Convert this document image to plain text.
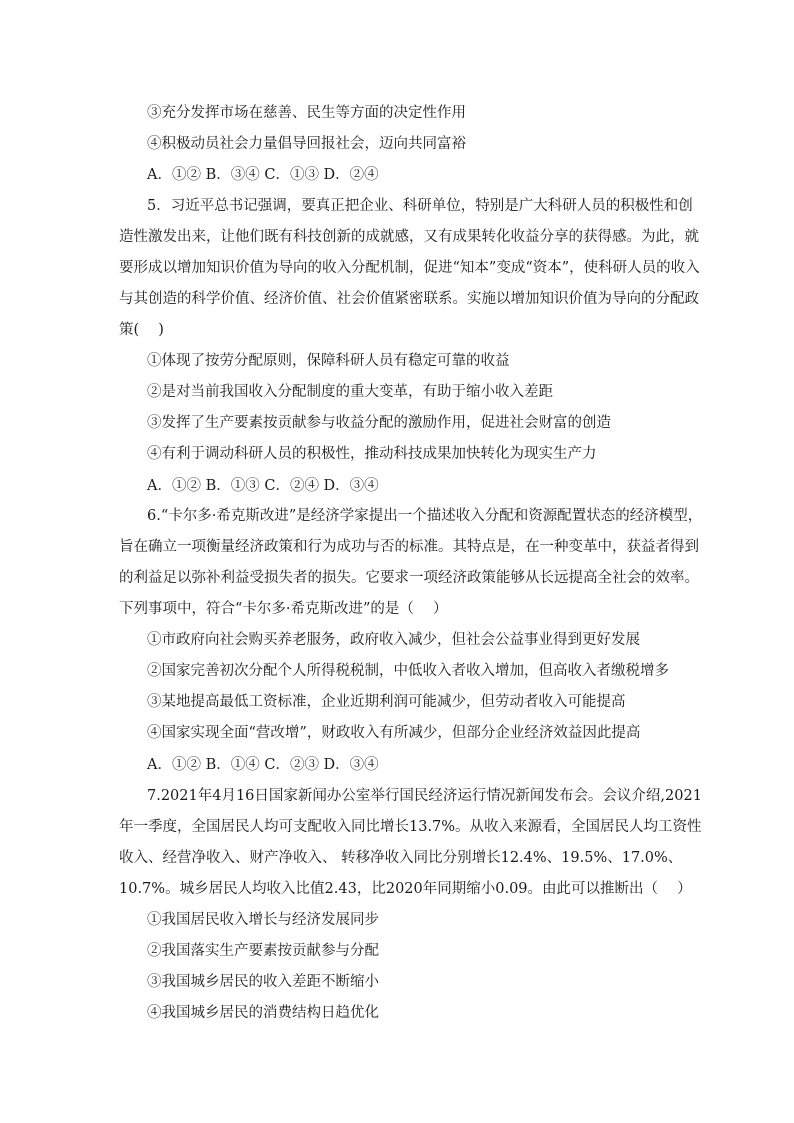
③充分发挥市场在慈善、民生等方面的决定性作用
④积极动员社会力量倡导回报社会，迈向共同富裕
A．①② B．③④ C．①③ D．②④
5．习近平总书记强调，要真正把企业、科研单位，特别是广大科研人员的积极性和创
造性激发出来，让他们既有科技创新的成就感，又有成果转化收益分享的获得感。为此，就
要形成以增加知识价值为导向的收入分配机制，促进“知本”变成“资本”，使科研人员的收入
与其创造的科学价值、经济价值、社会价值紧密联系。实施以增加知识价值为导向的分配政
策(　 )
①体现了按劳分配原则，保障科研人员有稳定可靠的收益
②是对当前我国收入分配制度的重大变革，有助于缩小收入差距
③发挥了生产要素按贡献参与收益分配的激励作用，促进社会财富的创造
④有利于调动科研人员的积极性，推动科技成果加快转化为现实生产力
A．①② B．①③ C．②④ D．③④
6.“卡尔多·希克斯改进”是经济学家提出一个描述收入分配和资源配置状态的经济模型，
旨在确立一项衡量经济政策和行为成功与否的标准。其特点是，在一种变革中，获益者得到
的利益足以弥补利益受损失者的损失。它要求一项经济政策能够从长远提高全社会的效率。
下列事项中，符合“卡尔多·希克斯改进”的是（　 ）
①市政府向社会购买养老服务，政府收入减少，但社会公益事业得到更好发展
②国家完善初次分配个人所得税税制，中低收入者收入增加，但高收入者缴税增多
③某地提高最低工资标准，企业近期利润可能减少，但劳动者收入可能提高
④国家实现全面“营改增”，财政收入有所减少，但部分企业经济效益因此提高
A．①② B．①④ C．②③ D．③④
7.2021年4月16日国家新闻办公室举行国民经济运行情况新闻发布会。会议介绍,2021
年一季度，全国居民人均可支配收入同比增长13.7%。从收入来源看，全国居民人均工资性
收入、经营净收入、财产净收入、 转移净收入同比分别增长12.4%、19.5%、17.0%、
10.7%。城乡居民人均收入比值2.43，比2020年同期缩小0.09。由此可以推断出（　 ）
①我国居民收入增长与经济发展同步
②我国落实生产要素按贡献参与分配
③我国城乡居民的收入差距不断缩小
④我国城乡居民的消费结构日趋优化
